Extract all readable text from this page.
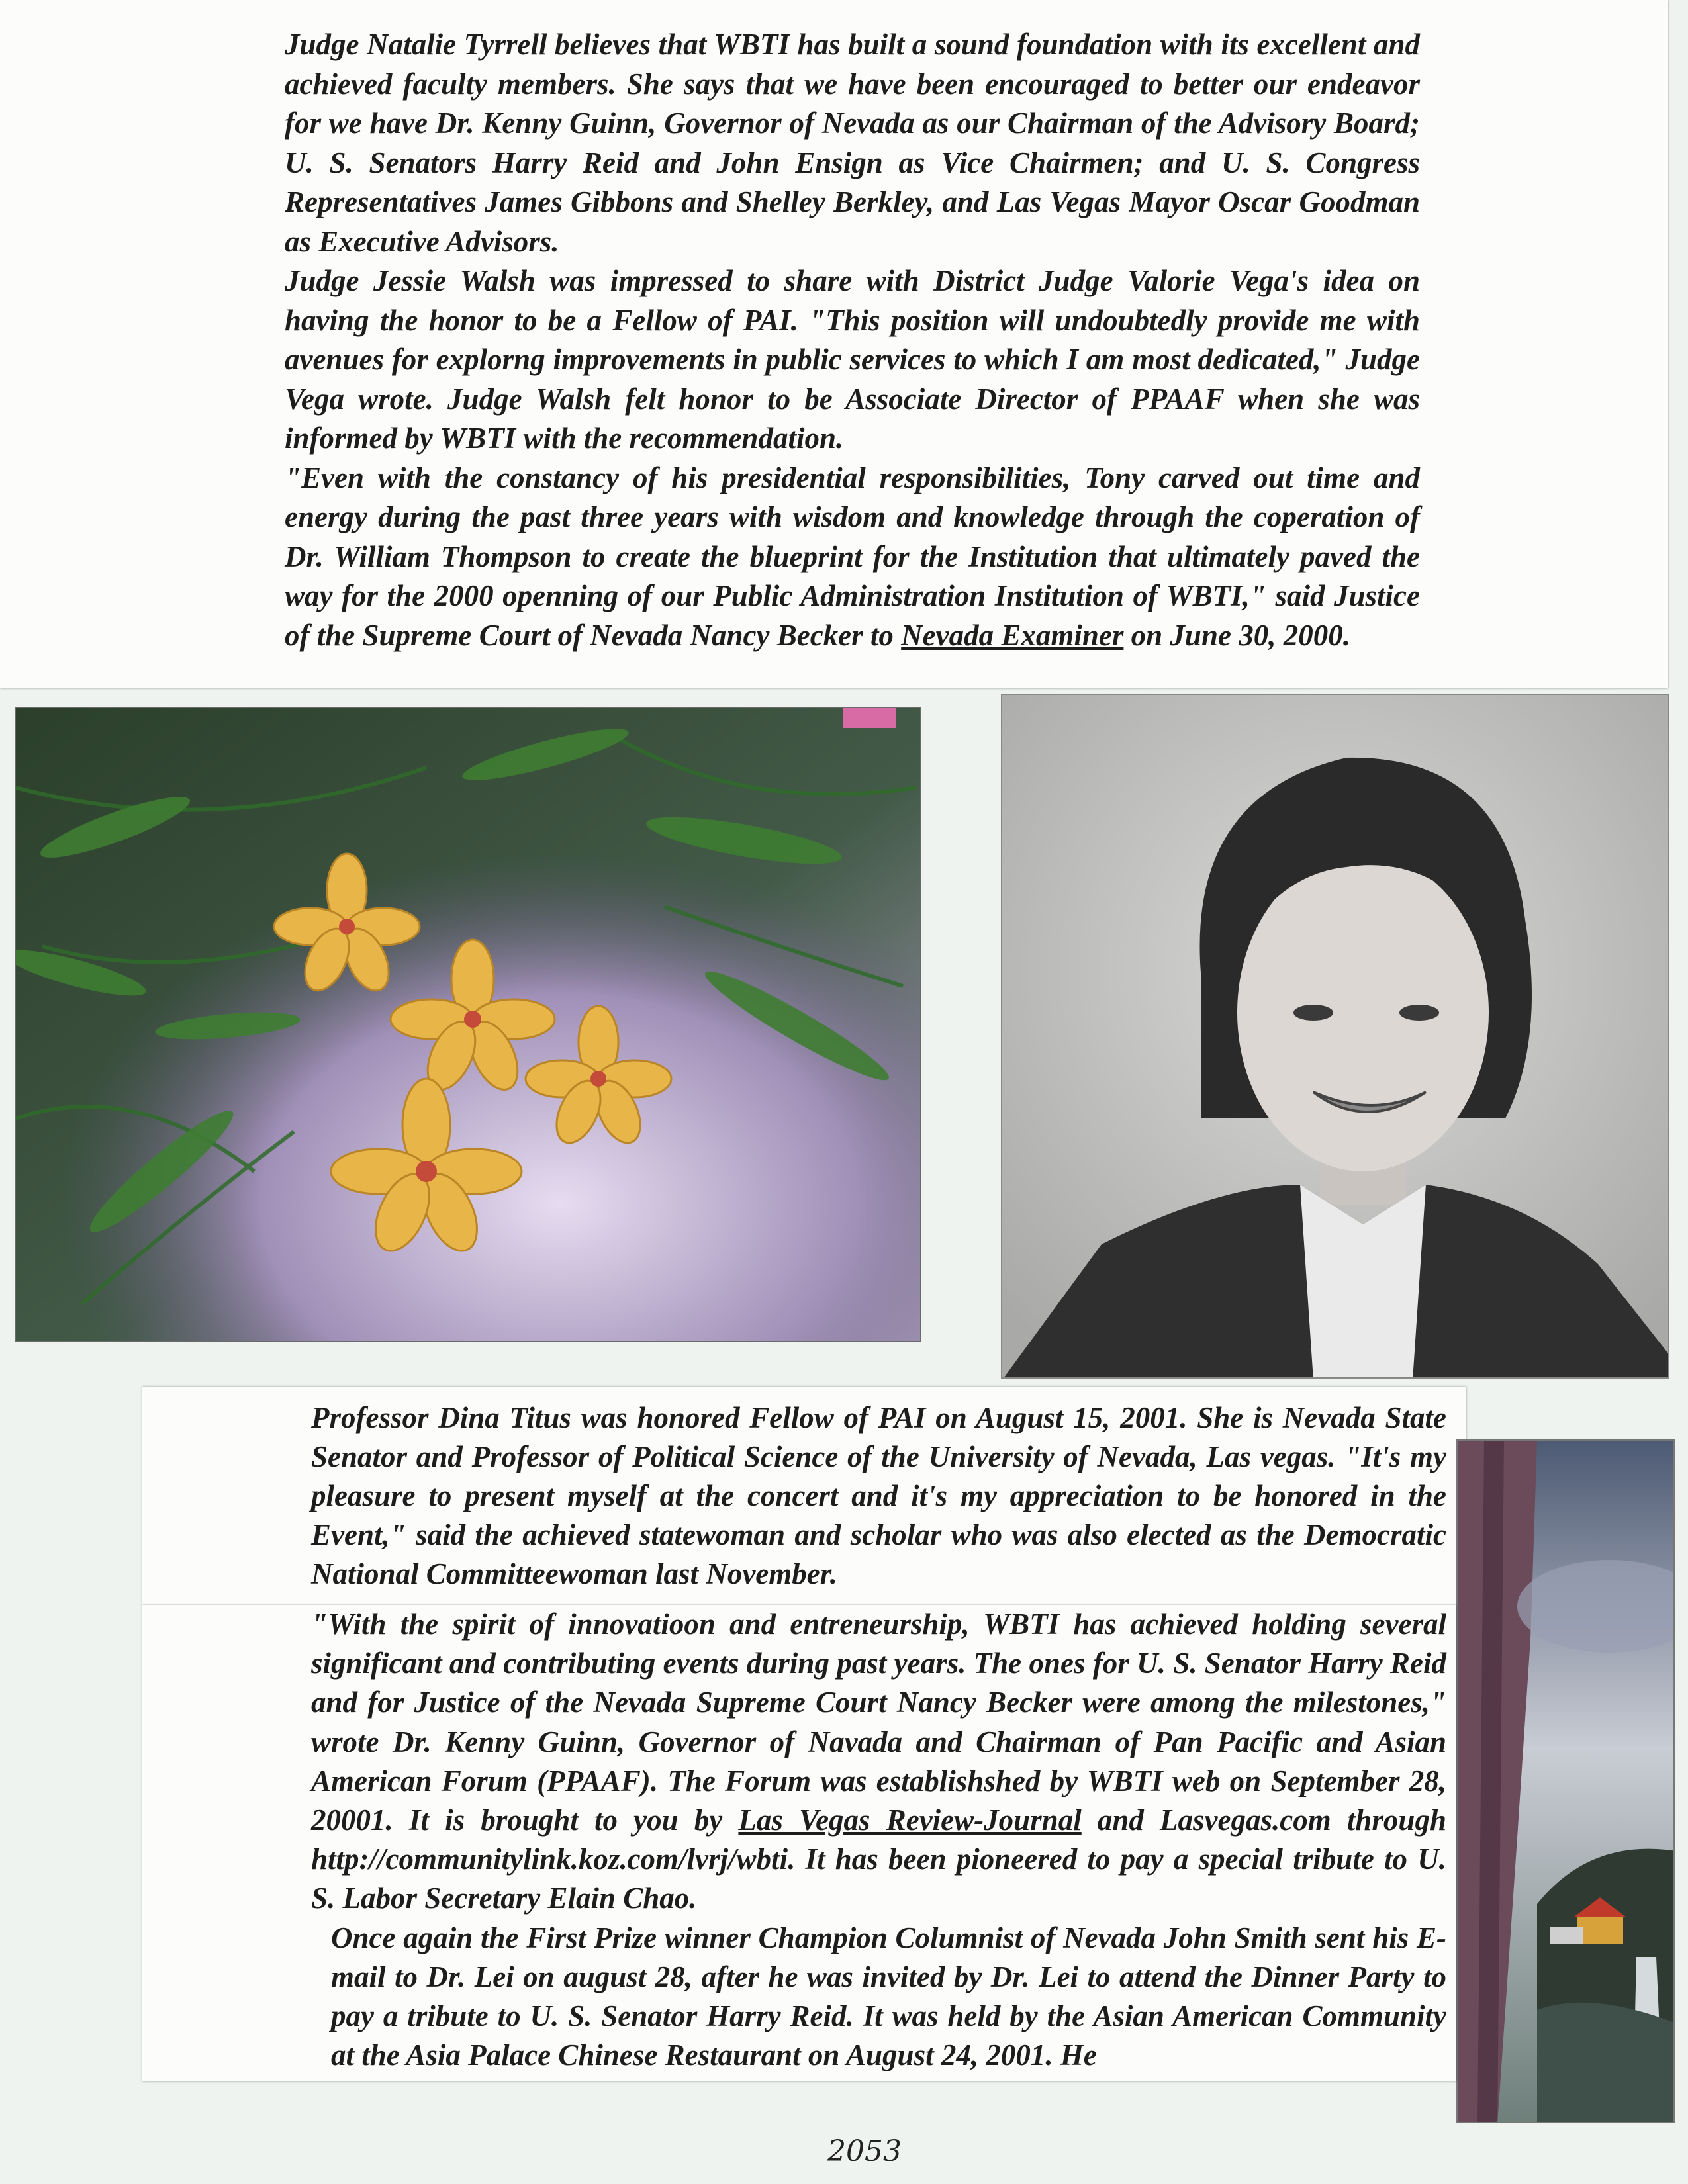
Judge Natalie Tyrrell believes that WBTI has built a sound foundation with its excellent and achieved faculty members. She says that we have been encouraged to better our endeavor for we have Dr. Kenny Guinn, Governor of Nevada as our Chairman of the Advisory Board; U. S. Senators Harry Reid and John Ensign as Vice Chairmen; and U. S. Congress Representatives James Gibbons and Shelley Berkley, and Las Vegas Mayor Oscar Goodman as Executive Advisors.

Judge Jessie Walsh was impressed to share with District Judge Valorie Vega's idea on having the honor to be a Fellow of PAI. "This position will undoubtedly provide me with avenues for explorng improvements in public services to which I am most dedicated," Judge Vega wrote. Judge Walsh felt honor to be Associate Director of PPAAF when she was informed by WBTI with the recommendation.

"Even with the constancy of his presidential responsibilities, Tony carved out time and energy during the past three years with wisdom and knowledge through the coperation of Dr. William Thompson to create the blueprint for the Institution that ultimately paved the way for the 2000 openning of our Public Administration Institution of WBTI," said Justice of the Supreme Court of Nevada Nancy Becker to Nevada Examiner on June 30, 2000.

Professor Dina Titus was honored Fellow of PAI on August 15, 2001. She is Nevada State Senator and Professor of Political Science of the University of Nevada, Las vegas. "It's my pleasure to present myself at the concert and it's my appreciation to be honored in the Event," said the achieved statewoman and scholar who was also elected as the Democratic National Committeewoman last November.

"With the spirit of innovatioon and entreneurship, WBTI has achieved holding several significant and contributing events during past years. The ones for U. S. Senator Harry Reid and for Justice of the Nevada Supreme Court Nancy Becker were among the milestones," wrote Dr. Kenny Guinn, Governor of Navada and Chairman of Pan Pacific and Asian American Forum (PPAAF). The Forum was establishshed by WBTI web on September 28, 20001. It is brought to you by Las Vegas Review-Journal and Lasvegas.com through http://communitylink.koz.com/lvrj/wbti. It has been pioneered to pay a special tribute to U. S. Labor Secretary Elain Chao.

Once again the First Prize winner Champion Columnist of Nevada John Smith sent his E-mail to Dr. Lei on august 28, after he was invited by Dr. Lei to attend the Dinner Party to pay a tribute to U. S. Senator Harry Reid. It was held by the Asian American Community at the Asia Palace Chinese Restaurant on August 24, 2001. He

2053
